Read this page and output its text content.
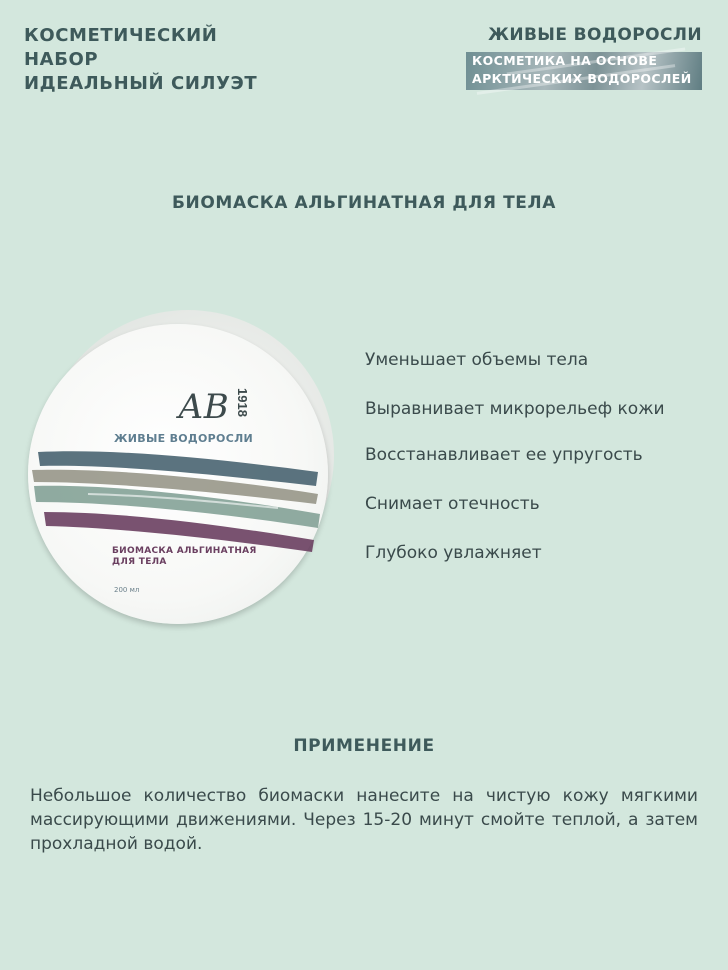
КОСМЕТИЧЕСКИЙ
НАБОР
ИДЕАЛЬНЫЙ СИЛУЭТ
ЖИВЫЕ ВОДОРОСЛИ
КОСМЕТИКА НА ОСНОВЕ
АРКТИЧЕСКИХ ВОДОРОСЛЕЙ
БИОМАСКА АЛЬГИНАТНАЯ ДЛЯ ТЕЛА
АВ 1918
ЖИВЫЕ ВОДОРОСЛИ
БИОМАСКА АЛЬГИНАТНАЯ
ДЛЯ ТЕЛА
200 мл
Уменьшает объемы тела
Выравнивает микрорельеф кожи
Восстанавливает ее упругость
Снимает отечность
Глубоко увлажняет
ПРИМЕНЕНИЕ

Небольшое количество биомаски нанесите на чистую кожу мягкими массирующими движениями. Через 15-20 минут смойте теплой, а затем прохладной водой.
